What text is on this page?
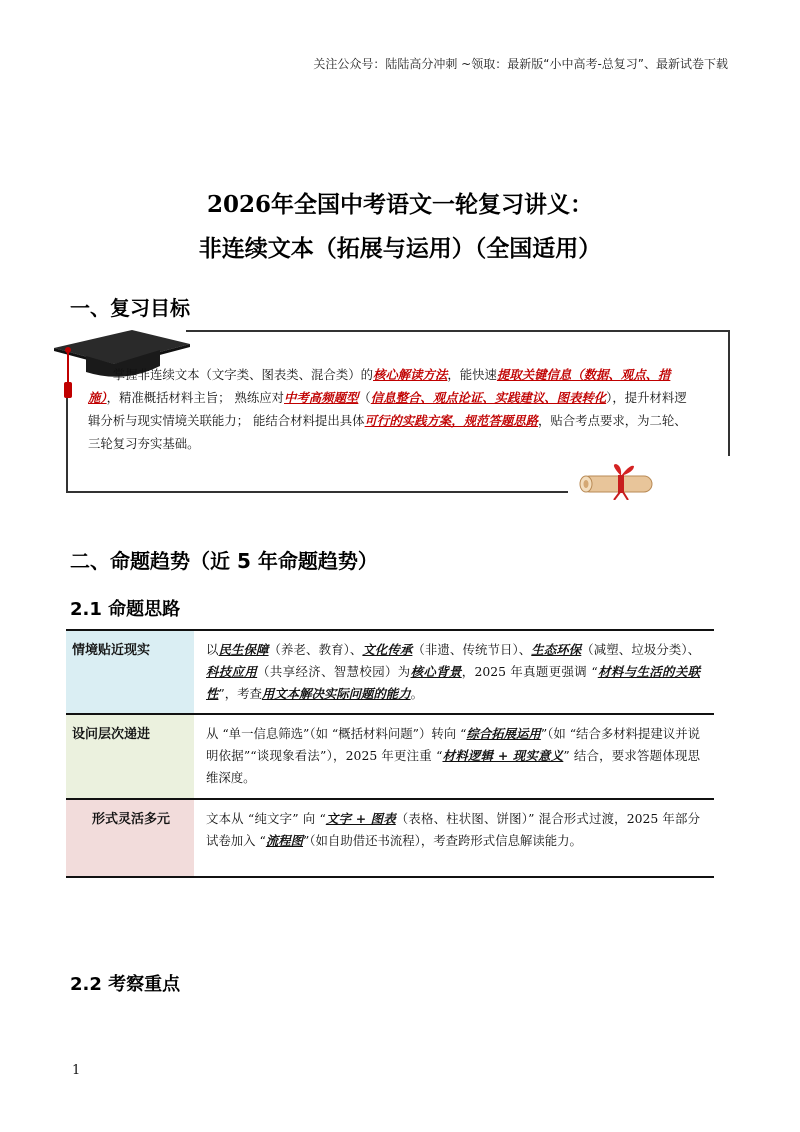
关注公众号：陆陆高分冲刺 ~领取：最新版“小中高考-总复习”、最新试卷下载
2026年全国中考语文一轮复习讲义：
非连续文本（拓展与运用）（全国适用）
一、复习目标
掌握非连续文本（文字类、图表类、混合类）的核心解读方法，能快速提取关键信息（数据、观点、措施），精准概括材料主旨； 熟练应对中考高频题型（信息整合、观点论证、实践建议、图表转化），提升材料逻辑分析与现实情境关联能力； 能结合材料提出具体可行的实践方案，规范答题思路，贴合考点要求，为二轮、三轮复习夯实基础。
二、命题趋势（近 5 年命题趋势）
2.1 命题思路
情境贴近现实	以民生保障（养老、教育）、文化传承（非遗、传统节日）、生态环保（减塑、垃圾分类）、科技应用（共享经济、智慧校园）为核心背景，2025 年真题更强调 “材料与生活的关联性”，考查用文本解决实际问题的能力。
设问层次递进	从 “单一信息筛选”（如 “概括材料问题”）转向 “综合拓展运用”（如 “结合多材料提建议并说明依据”“谈现象看法”），2025 年更注重 “材料逻辑 + 现实意义” 结合，要求答题体现思维深度。
形式灵活多元	文本从 “纯文字” 向 “文字 + 图表（表格、柱状图、饼图）” 混合形式过渡，2025 年部分试卷加入 “流程图”（如自助借还书流程），考查跨形式信息解读能力。
2.2 考察重点
1
